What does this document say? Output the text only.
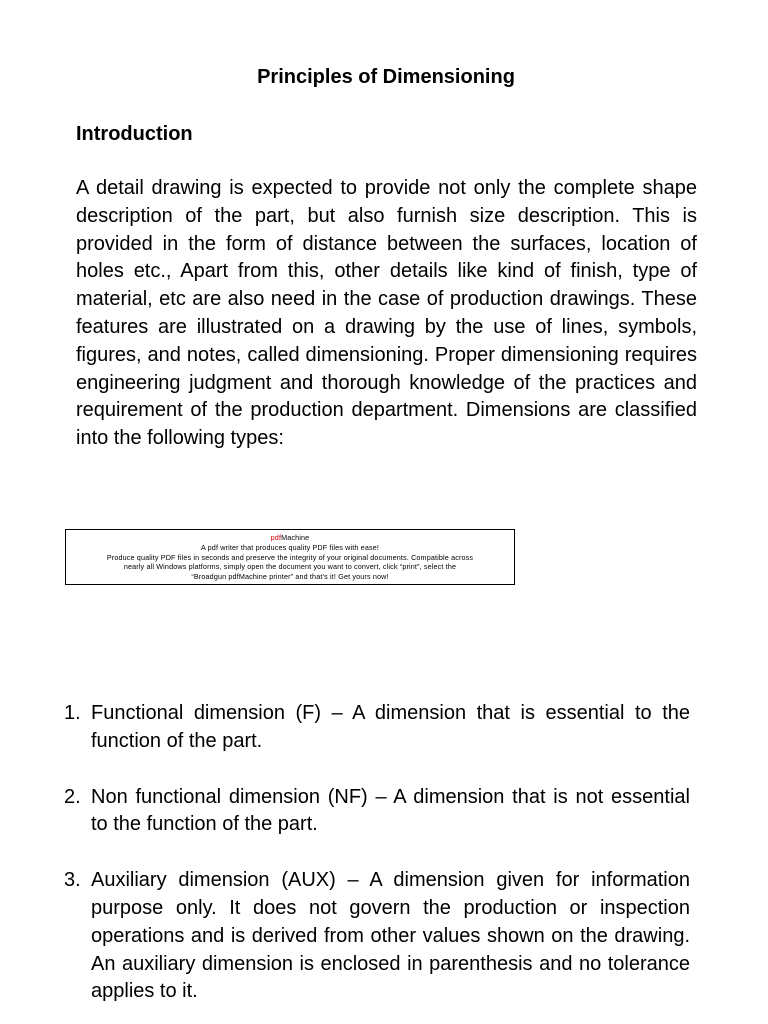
Principles of Dimensioning
Introduction

A detail drawing is expected to provide not only the complete shape description of the part, but also furnish size description. This is provided in the form of distance between the surfaces, location of holes etc., Apart from this, other details like kind of finish, type of material, etc are also need in the case of production drawings. These features are illustrated on a drawing by the use of lines, symbols, figures, and notes, called dimensioning. Proper dimensioning requires engineering judgment and thorough knowledge of the practices and requirement of the production department. Dimensions are classified into the following types:

pdfMachine
A pdf writer that produces quality PDF files with ease!
Produce quality PDF files in seconds and preserve the integrity of your original documents. Compatible across
nearly all Windows platforms, simply open the document you want to convert, click “print”, select the
“Broadgun pdfMachine printer” and that’s it! Get yours now!
1. Functional dimension (F) – A dimension that is essential to the function of the part.
2. Non functional dimension (NF) – A dimension that is not essential to the function of the part.
3. Auxiliary dimension (AUX) – A dimension given for information purpose only. It does not govern the production or inspection operations and is derived from other values shown on the drawing. An auxiliary dimension is enclosed in parenthesis and no tolerance applies to it.
